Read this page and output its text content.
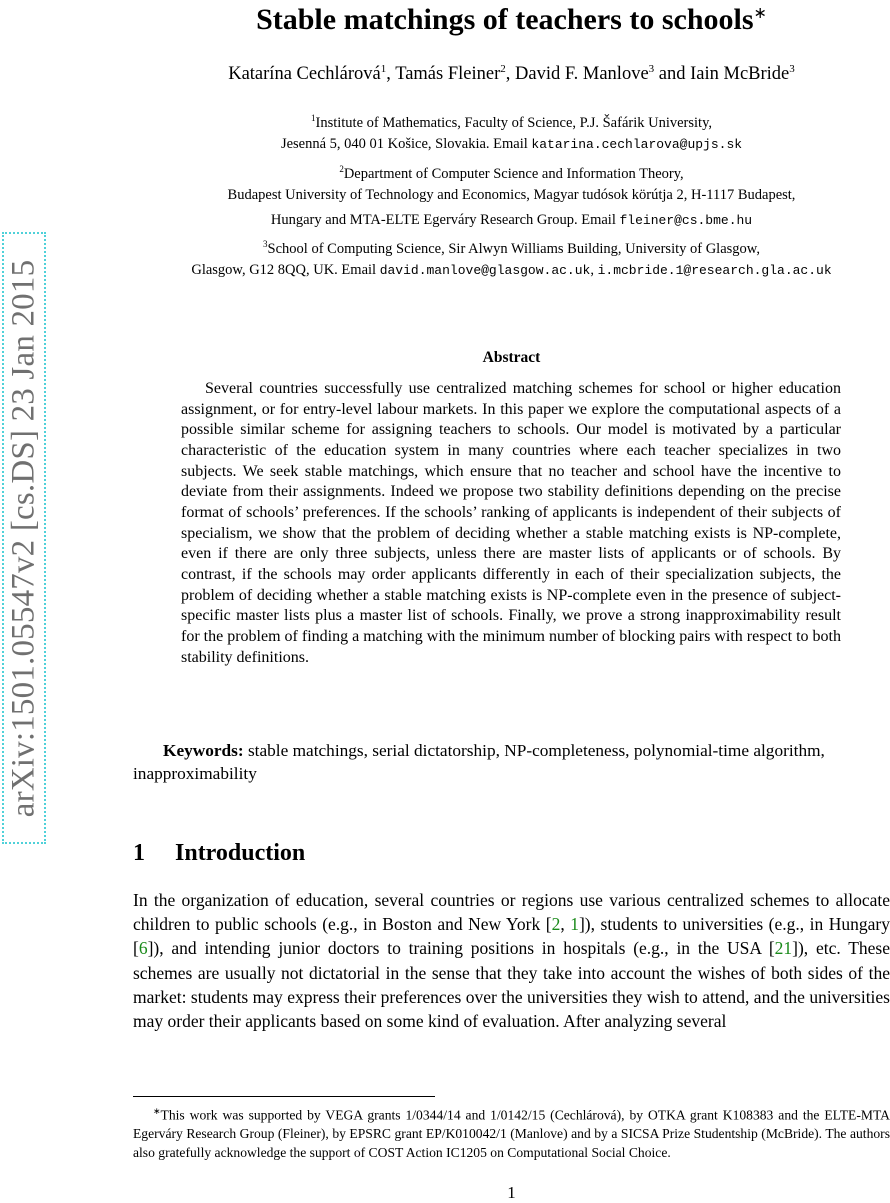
arXiv:1501.05547v2 [cs.DS] 23 Jan 2015
Stable matchings of teachers to schools∗
Katarína Cechlárová$^1$, Tamás Fleiner$^2$, David F. Manlove$^3$ and Iain McBride$^3$
$^1$Institute of Mathematics, Faculty of Science, P.J. Šafárik University,
Jesenná 5, 040 01 Košice, Slovakia. Email katarina.cechlarova@upjs.sk
$^2$Department of Computer Science and Information Theory,
Budapest University of Technology and Economics, Magyar tudósok körútja 2, H-1117 Budapest,
Hungary and MTA-ELTE Egerváry Research Group. Email fleiner@cs.bme.hu
$^3$School of Computing Science, Sir Alwyn Williams Building, University of Glasgow,
Glasgow, G12 8QQ, UK. Email david.manlove@glasgow.ac.uk, i.mcbride.1@research.gla.ac.uk
Abstract

Several countries successfully use centralized matching schemes for school or higher education assignment, or for entry-level labour markets. In this paper we explore the computational aspects of a possible similar scheme for assigning teachers to schools. Our model is motivated by a particular characteristic of the education system in many countries where each teacher specializes in two subjects. We seek stable matchings, which ensure that no teacher and school have the incentive to deviate from their assignments. Indeed we propose two stability definitions depending on the precise format of schools’ preferences. If the schools’ ranking of applicants is independent of their subjects of specialism, we show that the problem of deciding whether a stable matching exists is NP-complete, even if there are only three subjects, unless there are master lists of applicants or of schools. By contrast, if the schools may order applicants differently in each of their specialization subjects, the problem of deciding whether a stable matching exists is NP-complete even in the presence of subject-specific master lists plus a master list of schools. Finally, we prove a strong inapproximability result for the problem of finding a matching with the minimum number of blocking pairs with respect to both stability definitions.

Keywords: stable matchings, serial dictatorship, NP-completeness, polynomial-time algorithm, inapproximability

1 Introduction

In the organization of education, several countries or regions use various centralized schemes to allocate children to public schools (e.g., in Boston and New York [2, 1]), students to universities (e.g., in Hungary [6]), and intending junior doctors to training positions in hospitals (e.g., in the USA [21]), etc. These schemes are usually not dictatorial in the sense that they take into account the wishes of both sides of the market: students may express their preferences over the universities they wish to attend, and the universities may order their applicants based on some kind of evaluation. After analyzing several

∗This work was supported by VEGA grants 1/0344/14 and 1/0142/15 (Cechlárová), by OTKA grant K108383 and the ELTE-MTA Egerváry Research Group (Fleiner), by EPSRC grant EP/K010042/1 (Manlove) and by a SICSA Prize Studentship (McBride). The authors also gratefully acknowledge the support of COST Action IC1205 on Computational Social Choice.

1
